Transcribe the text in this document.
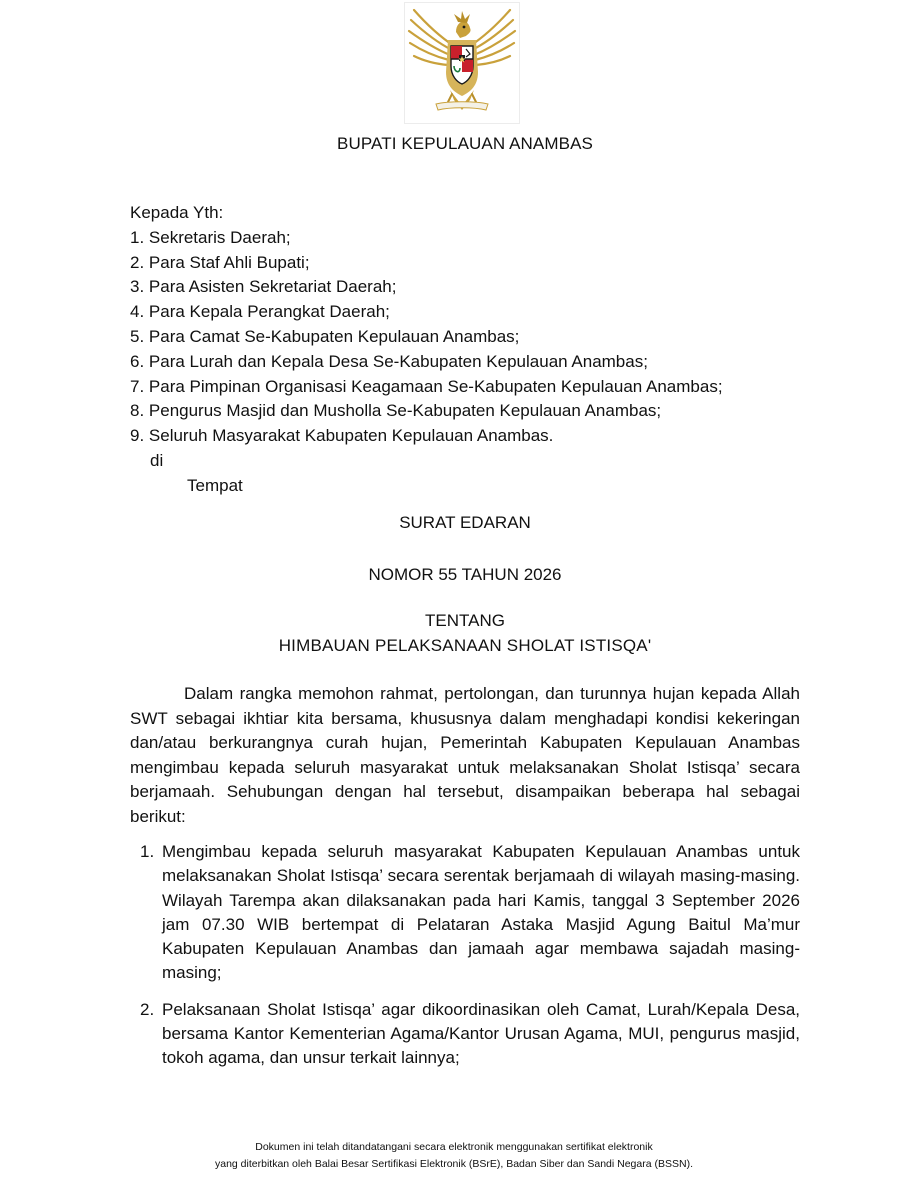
BUPATI KEPULAUAN ANAMBAS
Kepada Yth:
1. Sekretaris Daerah;
2. Para Staf Ahli Bupati;
3. Para Asisten Sekretariat Daerah;
4. Para Kepala Perangkat Daerah;
5. Para Camat Se-Kabupaten Kepulauan Anambas;
6. Para Lurah dan Kepala Desa Se-Kabupaten Kepulauan Anambas;
7. Para Pimpinan Organisasi Keagamaan Se-Kabupaten Kepulauan Anambas;
8. Pengurus Masjid dan Musholla Se-Kabupaten Kepulauan Anambas;
9. Seluruh Masyarakat Kabupaten Kepulauan Anambas.
di
Tempat
SURAT EDARAN
NOMOR 55 TAHUN 2026
TENTANG
HIMBAUAN PELAKSANAAN SHOLAT ISTISQA'
Dalam rangka memohon rahmat, pertolongan, dan turunnya hujan kepada Allah SWT sebagai ikhtiar kita bersama, khususnya dalam menghadapi kondisi kekeringan dan/atau berkurangnya curah hujan, Pemerintah Kabupaten Kepulauan Anambas mengimbau kepada seluruh masyarakat untuk melaksanakan Sholat Istisqa’ secara berjamaah. Sehubungan dengan hal tersebut, disampaikan beberapa hal sebagai berikut:
1. Mengimbau kepada seluruh masyarakat Kabupaten Kepulauan Anambas untuk melaksanakan Sholat Istisqa’ secara serentak berjamaah di wilayah masing-masing. Wilayah Tarempa akan dilaksanakan pada hari Kamis, tanggal 3 September 2026 jam 07.30 WIB bertempat di Pelataran Astaka Masjid Agung Baitul Ma’mur Kabupaten Kepulauan Anambas dan jamaah agar membawa sajadah masing-masing;
2. Pelaksanaan Sholat Istisqa’ agar dikoordinasikan oleh Camat, Lurah/Kepala Desa, bersama Kantor Kementerian Agama/Kantor Urusan Agama, MUI, pengurus masjid, tokoh agama, dan unsur terkait lainnya;
Dokumen ini telah ditandatangani secara elektronik menggunakan sertifikat elektronik
yang diterbitkan oleh Balai Besar Sertifikasi Elektronik (BSrE), Badan Siber dan Sandi Negara (BSSN).
